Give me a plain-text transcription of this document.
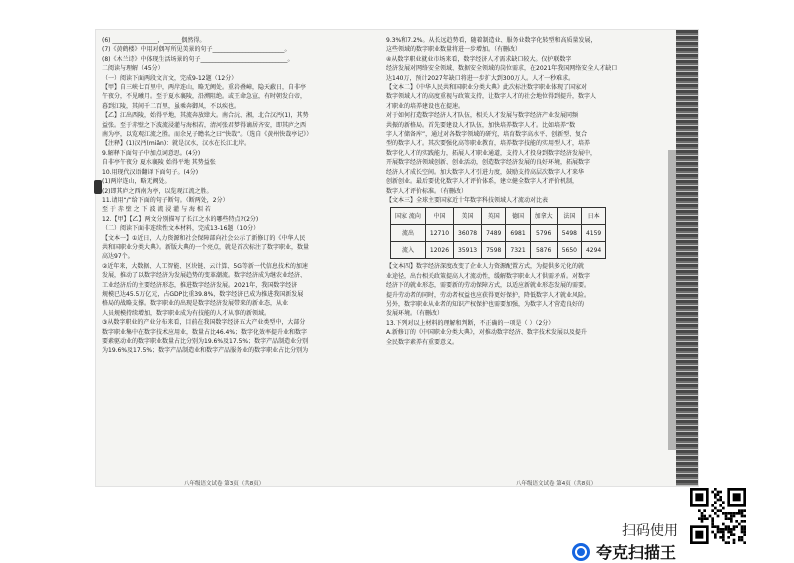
(6) _______________，______偶然得。

(7)《黄鹤楼》中用对偶写所见美景的句子________________________。

(8)《木兰诗》中体现生活场景的句子_____________________________。

二阅读与理解（45分）

（一）阅读下面两段文言文，完成9-12题（12分）

【甲】自三峡七百里中，两岸连山，略无阙处。重岩叠嶂，隐天蔽日，自非亭

午夜分，不见曦月。至于夏水襄陵，沿溯阻绝。或王命急宣，有时朝发白帝，

暮到江陵，其间千二百里，虽乘奔御风，不以疾也。

【乙】江出西陵，始得平地，其流奔放肆大。南合沅、湘，北合汉沔(1)，其势

益张。至于赤壁之下波流浸灌与海相若，清河张君梦得谪居齐安，即其庐之西

南为亭，以览观江流之胜。而余兄子瞻名之曰“快哉”。（选自《黄州快哉亭记》）

【注释】(1)汉沔(miǎn)：就是汉水，汉水在长江北岸。

9.解释下面句子中加点词意思。(4分)

自非亭午夜分 夏水襄陵 始得平地 其势益张

10.用现代汉语翻译下面句子。(4分)

(1)两岸连山，略无阙处。

(2)即其庐之西南为亭，以览观江流之胜。

11.请用“/”给下面的句子断句。（断两处，2分）

至 于 赤 壁 之 下 波 流 浸 灌 与 海 相 若

12.【甲】【乙】两文分别描写了长江之水的哪些特点?(2分)

（二）阅读下面非连续性文本材料，完成13-16题（10分）

【文本一】①近日，人力资源和社会保障部向社会公示了新修订的《中华人民

共和国职业分类大典》。新版大典的一个亮点，就是首次标注了数字职业，数量

高达97个。

②近年来，大数据、人工智能、区块链、云计算、5G等新一代信息技术的加速

发展，推动了以数字经济为发展趋势的变革潮流。数字经济成为继农业经济、

工业经济后的主要经济形态，推进数字经济发展。2021年，我国数字经济

规模已达45.5万亿元，占GDP比重39.8%，数字经济已成为推进我国新发展

格局的战略支撑。数字职业的出现是数字经济发展带来的新业态，从业

人员规模持续增加，数字职业成为有技能的人才从事的新领域。

③从数字职业的产业分布来看，目前在我国数字经济五大产业类型中，大部分

数字职业集中在数字技术应用业，数量占比46.4%；数字化效率提升业和数字

要素驱动业的数字职业数量占比分别为19.6%及17.5%；数字产品制造业分别

为19.6%及17.5%；数字产品制造业和数字产品服务业的数字职业占比分别为

9.3%和7.2%。从长远趋势看，随着制造业、服务业数字化转型和高质量发展，

这些领域的数字职业数量将进一步增加。（有删改）

④从数字职业就业市场来看，数字经济人才需求缺口较大。仅护联数字

经济发展对网络安全领域、数据安全领域的岗位需求，在2021年我国网络安全人才缺口

达140万，预计2027年缺口将进一步扩大到300万人。人才一秒难求。

【文本二】《中华人民共和国职业分类大典》此次标注数字职业体现了国家对

数字领域人才的高度重视与政策支持，让数字人才的社会地位得到提升，数字人

才职业的培养建设也在提速。

对于如何打造数字经济人才队伍，相关人才发展与数字经济产业发展同频

共振的新格局。首先要建设人才队伍，加快培养数字人才。比如培养“数

字人才储备库”，通过对各数字领域的研究，培育数字高水平、创新型、复合

型的数字人才。其次要强化高等职业教育，培养数字技能的实用型人才，培养

数字化人才的实践能力，拓展人才职业通道，支持人才投身到数字经济发展中，

开展数字经济领域创新、创业活动，创造数字经济发展的良好环境，拓展数字

经济人才成长空间。加大数字人才引进力度，鼓励支持高层次数字人才来华

创新创业。最后要优化数字人才评价体系，建立健全数字人才评价机制，

数字人才评价标准。（有删改）

【文本三】全球主要国家近十年数字科技领域人才流动对比表

国家 流向	中国	美国	英国	德国	加拿大	法国	日本
流出	12710	36078	7489	6981	5796	5498	4159
流入	12026	35913	7598	7321	5876	5650	4294

【文本四】数字经济深度改变了企业人力资源配置方式，为提供多元化的就

业途径，出台相关政策提高人才流动性，缓解数字职业人才供需矛盾。对数字

经济下的就业形态，需要新的劳动保障方式，以适应新就业形态发展的需要。

提升劳动者的同时，劳动者权益也应获得更好保护，降低数字人才就业风险。

另外，数字职业从业者的知识产权保护也需要加强，为数字人才营造良好的

发展环境。（有删改）

13.下列对以上材料的理解和判断，不正确的一项是（ ）（2分）

A.新修订的《中国职业分类大典》，对推动数字经济、数字技术发展以及提升

全民数字素养有重要意义。

八年级语文试卷 第3页（共8页）	八年级语文试卷 第4页（共8页）
扫码使用
夸克扫描王
